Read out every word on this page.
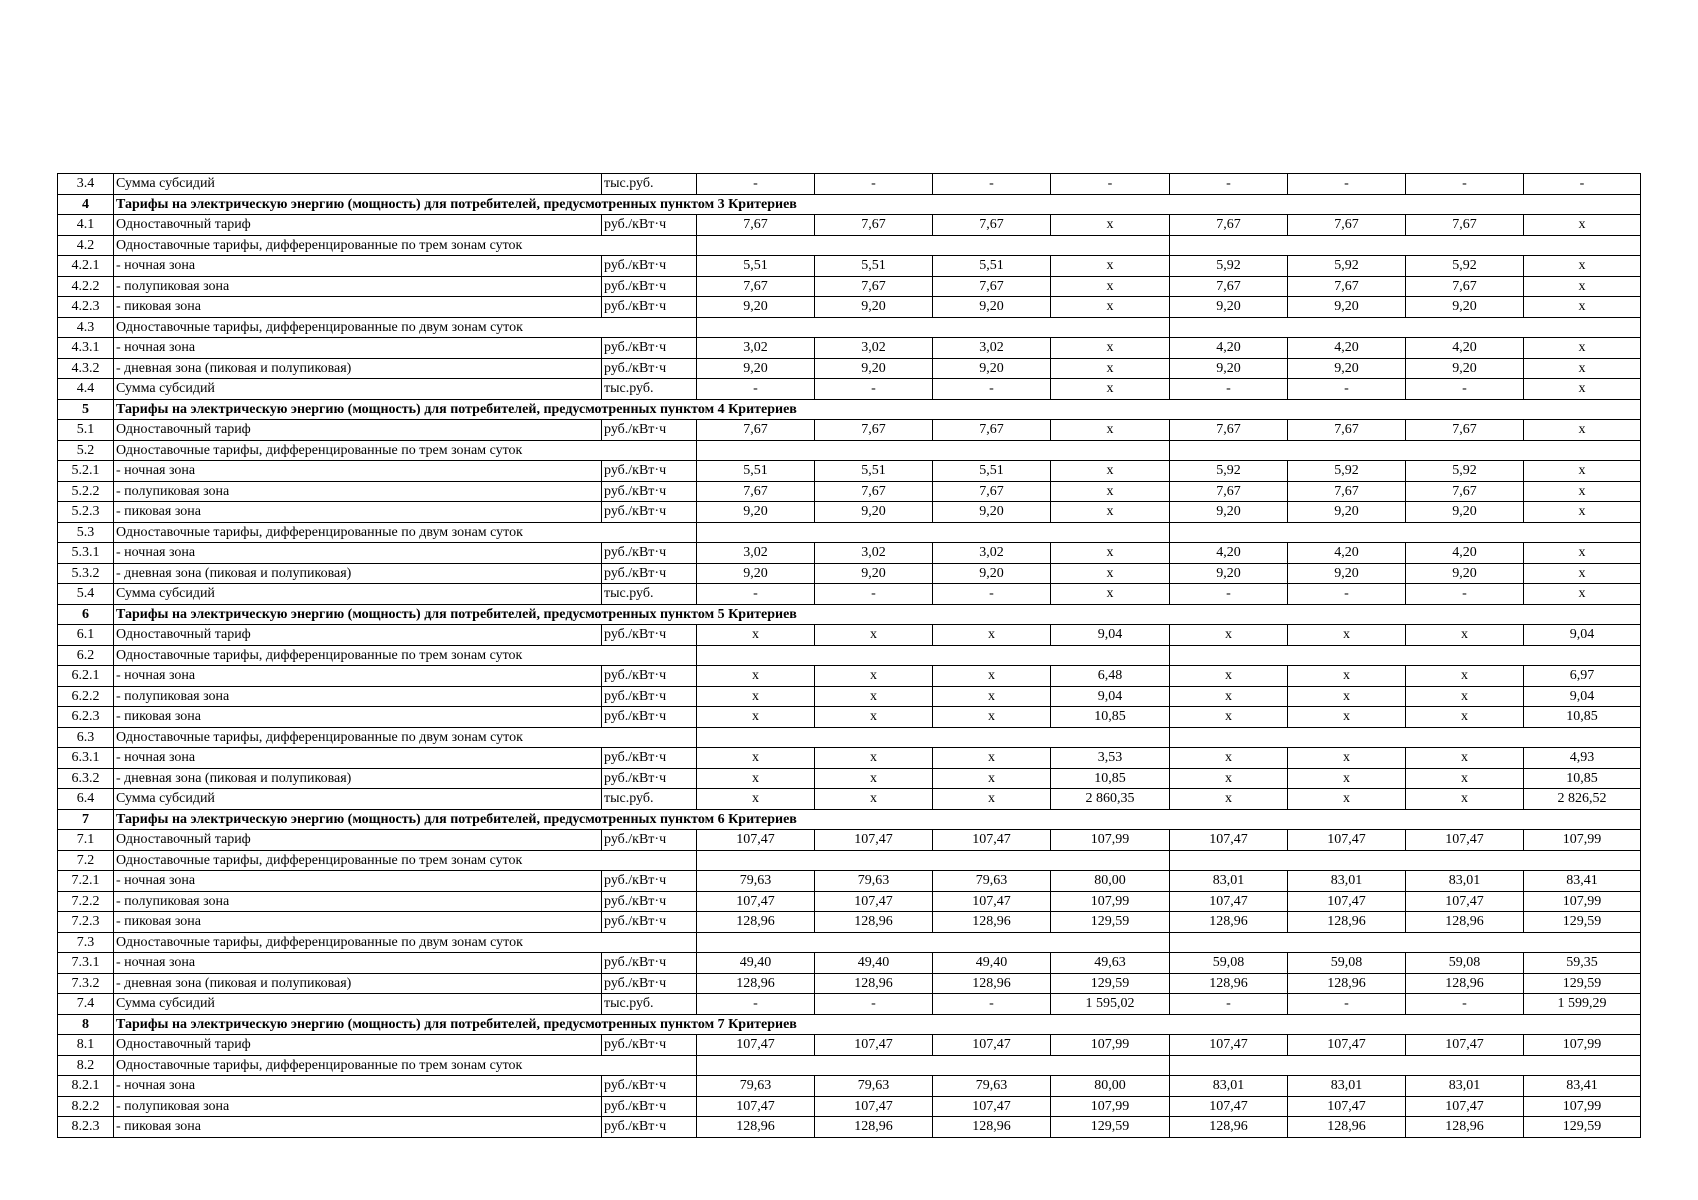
3.4	Сумма субсидий	тыс.руб.	-	-	-	-	-	-	-	-
4	Тарифы на электрическую энергию (мощность) для потребителей, предусмотренных пунктом 3 Критериев									
4.1	Одноставочный тариф	руб./кВт·ч	7,67	7,67	7,67	х	7,67	7,67	7,67	х
4.2	Одноставочные тарифы, дифференцированные по трем зонам суток									
4.2.1	- ночная зона	руб./кВт·ч	5,51	5,51	5,51	х	5,92	5,92	5,92	х
4.2.2	- полупиковая зона	руб./кВт·ч	7,67	7,67	7,67	х	7,67	7,67	7,67	х
4.2.3	- пиковая зона	руб./кВт·ч	9,20	9,20	9,20	х	9,20	9,20	9,20	х
4.3	Одноставочные тарифы, дифференцированные по двум зонам суток									
4.3.1	- ночная зона	руб./кВт·ч	3,02	3,02	3,02	х	4,20	4,20	4,20	х
4.3.2	- дневная зона (пиковая и полупиковая)	руб./кВт·ч	9,20	9,20	9,20	х	9,20	9,20	9,20	х
4.4	Сумма субсидий	тыс.руб.	-	-	-	х	-	-	-	х
5	Тарифы на электрическую энергию (мощность) для потребителей, предусмотренных пунктом 4 Критериев									
5.1	Одноставочный тариф	руб./кВт·ч	7,67	7,67	7,67	х	7,67	7,67	7,67	х
5.2	Одноставочные тарифы, дифференцированные по трем зонам суток									
5.2.1	- ночная зона	руб./кВт·ч	5,51	5,51	5,51	х	5,92	5,92	5,92	х
5.2.2	- полупиковая зона	руб./кВт·ч	7,67	7,67	7,67	х	7,67	7,67	7,67	х
5.2.3	- пиковая зона	руб./кВт·ч	9,20	9,20	9,20	х	9,20	9,20	9,20	х
5.3	Одноставочные тарифы, дифференцированные по двум зонам суток									
5.3.1	- ночная зона	руб./кВт·ч	3,02	3,02	3,02	х	4,20	4,20	4,20	х
5.3.2	- дневная зона (пиковая и полупиковая)	руб./кВт·ч	9,20	9,20	9,20	х	9,20	9,20	9,20	х
5.4	Сумма субсидий	тыс.руб.	-	-	-	х	-	-	-	х
6	Тарифы на электрическую энергию (мощность) для потребителей, предусмотренных пунктом 5 Критериев									
6.1	Одноставочный тариф	руб./кВт·ч	х	х	х	9,04	х	х	х	9,04
6.2	Одноставочные тарифы, дифференцированные по трем зонам суток									
6.2.1	- ночная зона	руб./кВт·ч	х	х	х	6,48	х	х	х	6,97
6.2.2	- полупиковая зона	руб./кВт·ч	х	х	х	9,04	х	х	х	9,04
6.2.3	- пиковая зона	руб./кВт·ч	х	х	х	10,85	х	х	х	10,85
6.3	Одноставочные тарифы, дифференцированные по двум зонам суток									
6.3.1	- ночная зона	руб./кВт·ч	х	х	х	3,53	х	х	х	4,93
6.3.2	- дневная зона (пиковая и полупиковая)	руб./кВт·ч	х	х	х	10,85	х	х	х	10,85
6.4	Сумма субсидий	тыс.руб.	х	х	х	2 860,35	х	х	х	2 826,52
7	Тарифы на электрическую энергию (мощность) для потребителей, предусмотренных пунктом 6 Критериев									
7.1	Одноставочный тариф	руб./кВт·ч	107,47	107,47	107,47	107,99	107,47	107,47	107,47	107,99
7.2	Одноставочные тарифы, дифференцированные по трем зонам суток									
7.2.1	- ночная зона	руб./кВт·ч	79,63	79,63	79,63	80,00	83,01	83,01	83,01	83,41
7.2.2	- полупиковая зона	руб./кВт·ч	107,47	107,47	107,47	107,99	107,47	107,47	107,47	107,99
7.2.3	- пиковая зона	руб./кВт·ч	128,96	128,96	128,96	129,59	128,96	128,96	128,96	129,59
7.3	Одноставочные тарифы, дифференцированные по двум зонам суток									
7.3.1	- ночная зона	руб./кВт·ч	49,40	49,40	49,40	49,63	59,08	59,08	59,08	59,35
7.3.2	- дневная зона (пиковая и полупиковая)	руб./кВт·ч	128,96	128,96	128,96	129,59	128,96	128,96	128,96	129,59
7.4	Сумма субсидий	тыс.руб.	-	-	-	1 595,02	-	-	-	1 599,29
8	Тарифы на электрическую энергию (мощность) для потребителей, предусмотренных пунктом 7 Критериев									
8.1	Одноставочный тариф	руб./кВт·ч	107,47	107,47	107,47	107,99	107,47	107,47	107,47	107,99
8.2	Одноставочные тарифы, дифференцированные по трем зонам суток									
8.2.1	- ночная зона	руб./кВт·ч	79,63	79,63	79,63	80,00	83,01	83,01	83,01	83,41
8.2.2	- полупиковая зона	руб./кВт·ч	107,47	107,47	107,47	107,99	107,47	107,47	107,47	107,99
8.2.3	- пиковая зона	руб./кВт·ч	128,96	128,96	128,96	129,59	128,96	128,96	128,96	129,59
